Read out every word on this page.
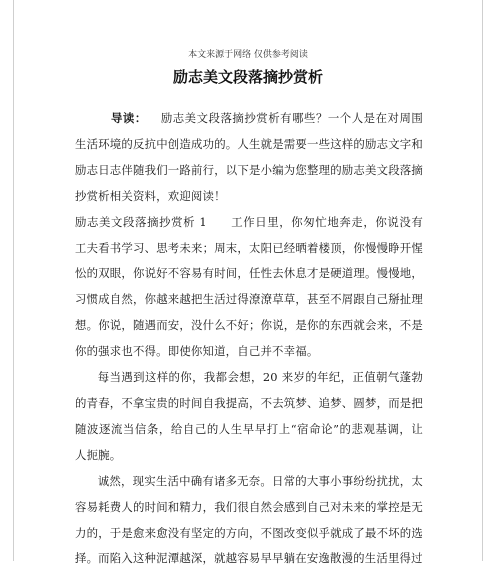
本文来源于网络 仅供参考阅读
励志美文段落摘抄赏析

导读： 励志美文段落摘抄赏析有哪些？一个人是在对周围生活环境的反抗中创造成功的。人生就是需要一些这样的励志文字和励志日志伴随我们一路前行，以下是小编为您整理的励志美文段落摘抄赏析相关资料，欢迎阅读！

励志美文段落摘抄赏析 1 工作日里，你匆忙地奔走，你说没有工夫看书学习、思考未来；周末，太阳已经晒着楼顶，你慢慢睁开惺忪的双眼，你说好不容易有时间，任性去休息才是硬道理。慢慢地，习惯成自然，你越来越把生活过得潦潦草草，甚至不屑跟自己掰扯理想。你说，随遇而安，没什么不好；你说，是你的东西就会来，不是你的强求也不得。即使你知道，自己并不幸福。

每当遇到这样的你，我都会想，20 来岁的年纪，正值朝气蓬勃的青春，不拿宝贵的时间自我提高，不去筑梦、追梦、圆梦，而是把随波逐流当信条，给自己的人生早早打上“宿命论”的悲观基调，让人扼腕。

诚然，现实生活中确有诸多无奈。日常的大事小事纷纷扰扰，太容易耗费人的时间和精力，我们很自然会感到自己对未来的掌控是无力的，于是愈来愈没有坚定的方向，不图改变似乎就成了最不坏的选择。而陷入这种泥潭越深，就越容易早早躺在安逸散漫的生活里得过
